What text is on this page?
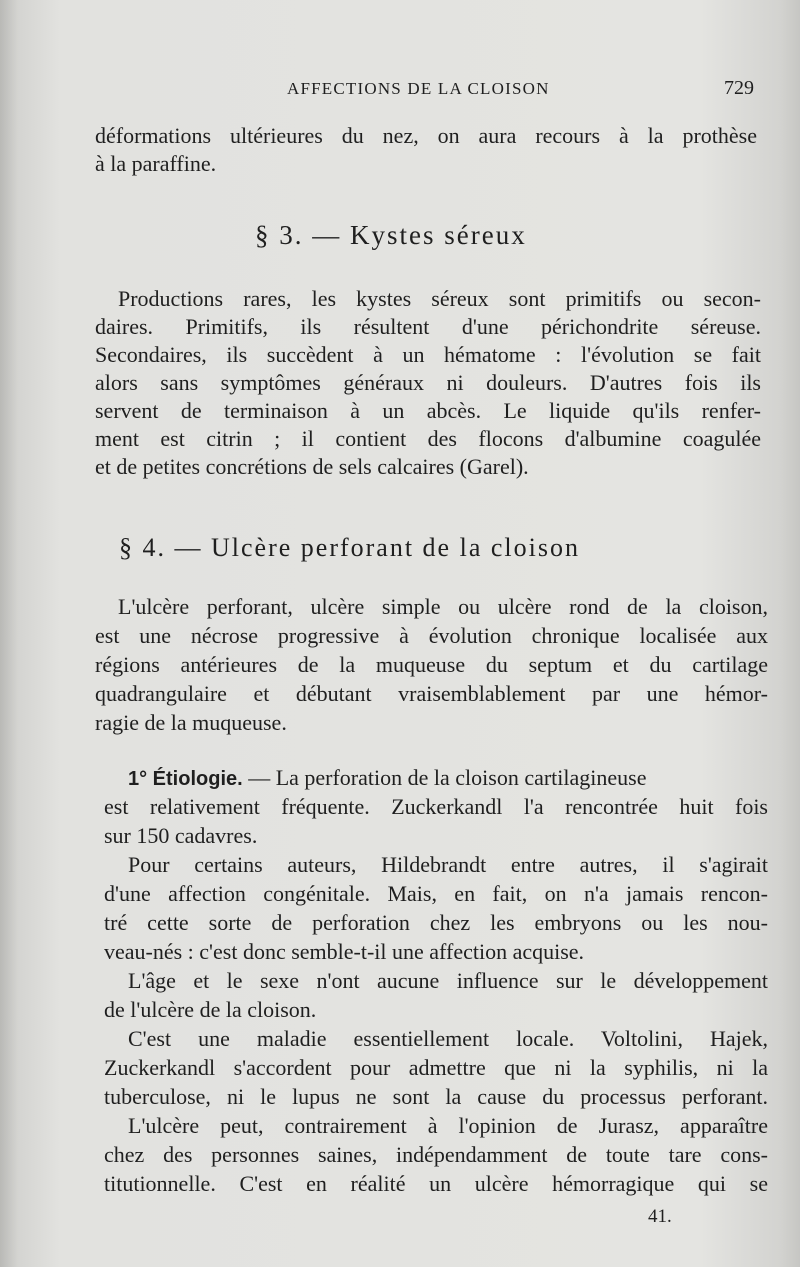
AFFECTIONS DE LA CLOISON	729
déformations ultérieures du nez, on aura recours à la prothèse
à la paraffine.
§ 3. — Kystes séreux
Productions rares, les kystes séreux sont primitifs ou secon-
daires. Primitifs, ils résultent d'une périchondrite séreuse.
Secondaires, ils succèdent à un hématome : l'évolution se fait
alors sans symptômes généraux ni douleurs. D'autres fois ils
servent de terminaison à un abcès. Le liquide qu'ils renfer-
ment est citrin ; il contient des flocons d'albumine coagulée
et de petites concrétions de sels calcaires (Garel).
§ 4. — Ulcère perforant de la cloison
L'ulcère perforant, ulcère simple ou ulcère rond de la cloison,
est une nécrose progressive à évolution chronique localisée aux
régions antérieures de la muqueuse du septum et du cartilage
quadrangulaire et débutant vraisemblablement par une hémor-
ragie de la muqueuse.
1° Étiologie. — La perforation de la cloison cartilagineuse
est relativement fréquente. Zuckerkandl l'a rencontrée huit fois
sur 150 cadavres.
Pour certains auteurs, Hildebrandt entre autres, il s'agirait
d'une affection congénitale. Mais, en fait, on n'a jamais rencon-
tré cette sorte de perforation chez les embryons ou les nou-
veau-nés : c'est donc semble-t-il une affection acquise.
L'âge et le sexe n'ont aucune influence sur le développement
de l'ulcère de la cloison.
C'est une maladie essentiellement locale. Voltolini, Hajek,
Zuckerkandl s'accordent pour admettre que ni la syphilis, ni la
tuberculose, ni le lupus ne sont la cause du processus perforant.
L'ulcère peut, contrairement à l'opinion de Jurasz, apparaître
chez des personnes saines, indépendamment de toute tare cons-
titutionnelle. C'est en réalité un ulcère hémorragique qui se
41.
